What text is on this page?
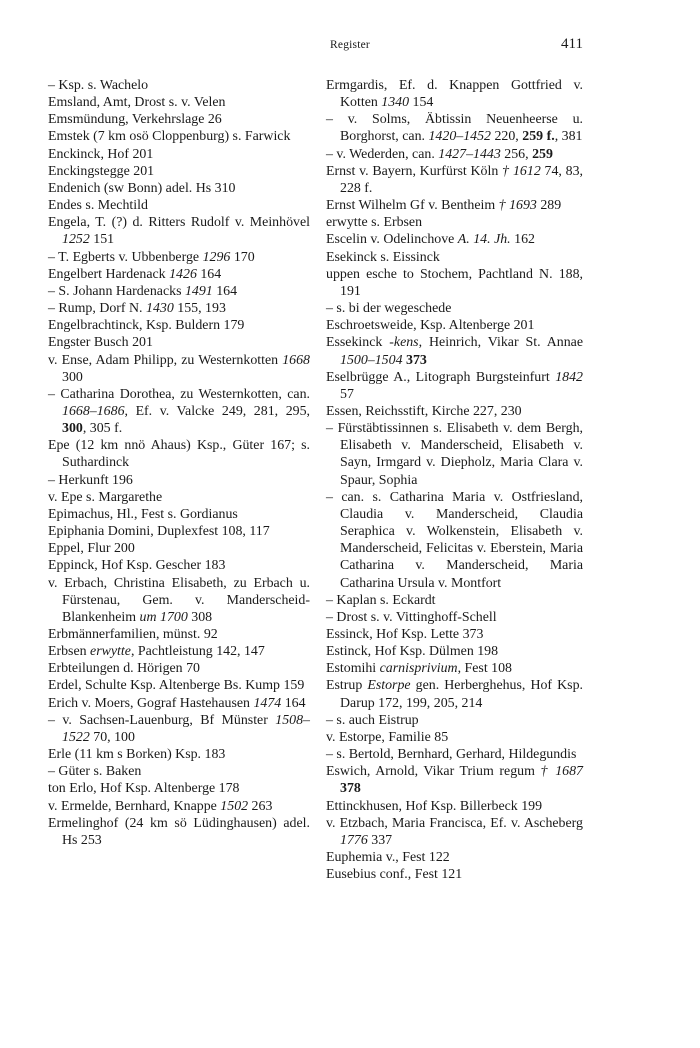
Register	411
– Ksp. s. Wachelo
Emsland, Amt, Drost s. v. Velen
Emsmündung, Verkehrslage 26
Emstek (7 km osö Cloppenburg) s. Farwick
Enckinck, Hof 201
Enckingstegge 201
Endenich (sw Bonn) adel. Hs 310
Endes s. Mechtild
Engela, T. (?) d. Ritters Rudolf v. Meinhövel 1252 151
– T. Egberts v. Ubbenberge 1296 170
Engelbert Hardenack 1426 164
– S. Johann Hardenacks 1491 164
– Rump, Dorf N. 1430 155, 193
Engelbrachtinck, Ksp. Buldern 179
Engster Busch 201
v. Ense, Adam Philipp, zu Westernkotten 1668 300
– Catharina Dorothea, zu Westernkotten, can. 1668–1686, Ef. v. Valcke 249, 281, 295, 300, 305 f.
Epe (12 km nnö Ahaus) Ksp., Güter 167; s. Suthardinck
– Herkunft 196
v. Epe s. Margarethe
Epimachus, Hl., Fest s. Gordianus
Epiphania Domini, Duplexfest 108, 117
Eppel, Flur 200
Eppinck, Hof Ksp. Gescher 183
v. Erbach, Christina Elisabeth, zu Erbach u. Fürstenau, Gem. v. Manderscheid-Blankenheim um 1700 308
Erbmännerfamilien, münst. 92
Erbsen erwytte, Pachtleistung 142, 147
Erbteilungen d. Hörigen 70
Erdel, Schulte Ksp. Altenberge Bs. Kump 159
Erich v. Moers, Gograf Hastehausen 1474 164
– v. Sachsen-Lauenburg, Bf Münster 1508–1522 70, 100
Erle (11 km s Borken) Ksp. 183
– Güter s. Baken
ton Erlo, Hof Ksp. Altenberge 178
v. Ermelde, Bernhard, Knappe 1502 263
Ermelinghof (24 km sö Lüdinghausen) adel. Hs 253
Ermgardis, Ef. d. Knappen Gottfried v. Kotten 1340 154
– v. Solms, Äbtissin Neuenheerse u. Borghorst, can. 1420–1452 220, 259 f., 381
– v. Wederden, can. 1427–1443 256, 259
Ernst v. Bayern, Kurfürst Köln † 1612 74, 83, 228 f.
Ernst Wilhelm Gf v. Bentheim † 1693 289
erwytte s. Erbsen
Escelin v. Odelinchove A. 14. Jh. 162
Esekinck s. Eissinck
uppen esche to Stochem, Pachtland N. 188, 191
– s. bi der wegeschede
Eschroetsweide, Ksp. Altenberge 201
Essekinck -kens, Heinrich, Vikar St. Annae 1500–1504 373
Eselbrügge A., Litograph Burgsteinfurt 1842 57
Essen, Reichsstift, Kirche 227, 230
– Fürstäbtissinnen s. Elisabeth v. dem Bergh, Elisabeth v. Manderscheid, Elisabeth v. Sayn, Irmgard v. Diepholz, Maria Clara v. Spaur, Sophia
– can. s. Catharina Maria v. Ostfriesland, Claudia v. Manderscheid, Claudia Seraphica v. Wolkenstein, Elisabeth v. Manderscheid, Felicitas v. Eberstein, Maria Catharina v. Manderscheid, Maria Catharina Ursula v. Montfort
– Kaplan s. Eckardt
– Drost s. v. Vittinghoff-Schell
Essinck, Hof Ksp. Lette 373
Estinck, Hof Ksp. Dülmen 198
Estomihi carnisprivium, Fest 108
Estrup Estorpe gen. Herberghehus, Hof Ksp. Darup 172, 199, 205, 214
– s. auch Eistrup
v. Estorpe, Familie 85
– s. Bertold, Bernhard, Gerhard, Hildegundis
Eswich, Arnold, Vikar Trium regum † 1687 378
Ettinckhusen, Hof Ksp. Billerbeck 199
v. Etzbach, Maria Francisca, Ef. v. Ascheberg 1776 337
Euphemia v., Fest 122
Eusebius conf., Fest 121
